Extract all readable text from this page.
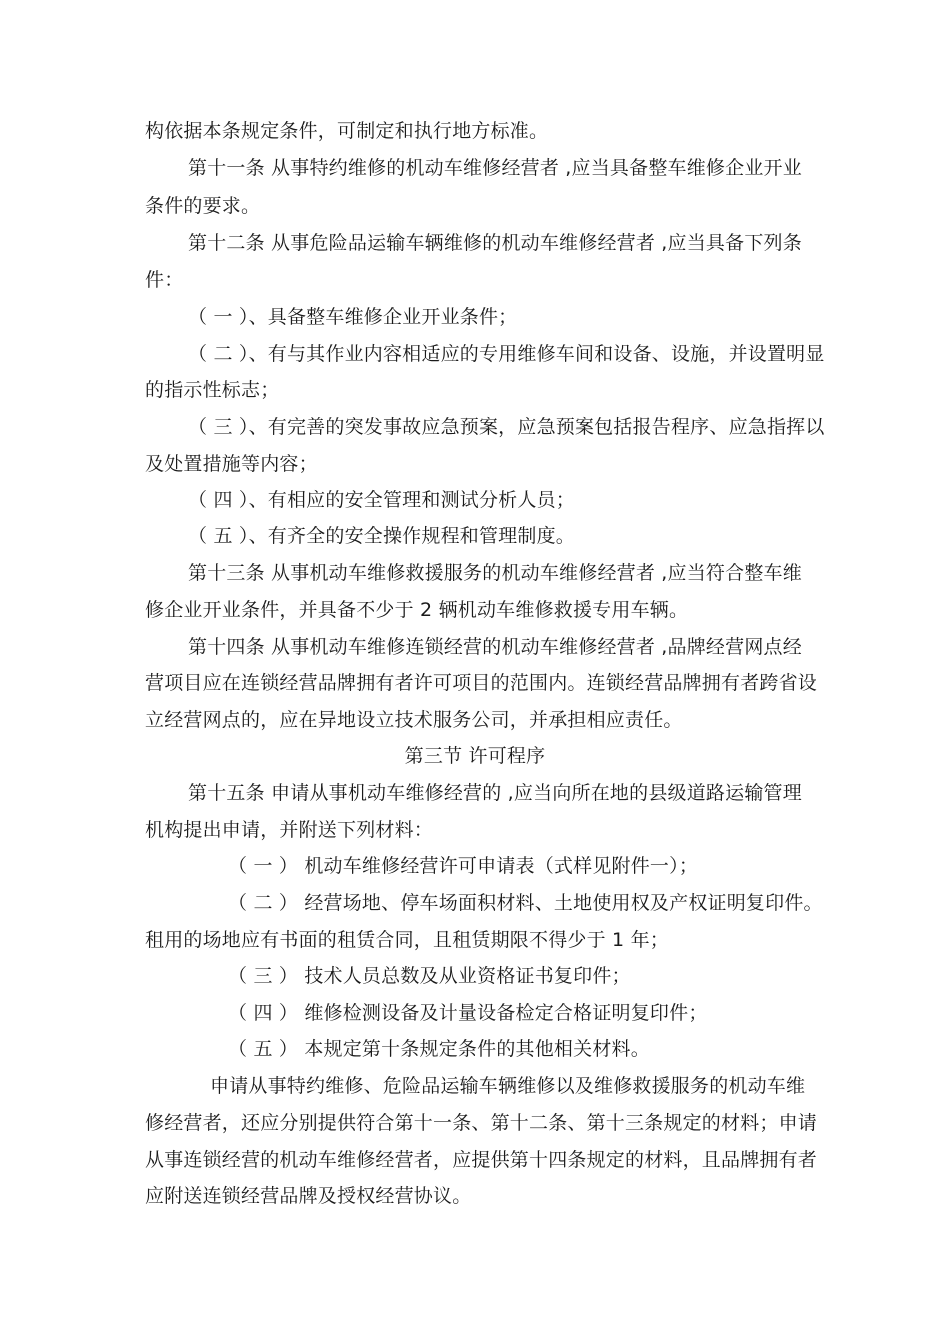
构依据本条规定条件，可制定和执行地方标准。
第十一条 从事特约维修的机动车维修经营者 ,应当具备整车维修企业开业
条件的要求。
第十二条 从事危险品运输车辆维修的机动车维修经营者 ,应当具备下列条
件：
（ 一 ）、具备整车维修企业开业条件；
（ 二 ）、有与其作业内容相适应的专用维修车间和设备、设施，并设置明显
的指示性标志；
（ 三 ）、有完善的突发事故应急预案，应急预案包括报告程序、应急指挥以
及处置措施等内容；
（ 四 ）、有相应的安全管理和测试分析人员；
（ 五 ）、有齐全的安全操作规程和管理制度。
第十三条 从事机动车维修救援服务的机动车维修经营者 ,应当符合整车维
修企业开业条件，并具备不少于 2 辆机动车维修救援专用车辆。
第十四条 从事机动车维修连锁经营的机动车维修经营者 ,品牌经营网点经
营项目应在连锁经营品牌拥有者许可项目的范围内。连锁经营品牌拥有者跨省设
立经营网点的，应在异地设立技术服务公司，并承担相应责任。
第三节 许可程序
第十五条 申请从事机动车维修经营的 ,应当向所在地的县级道路运输管理
机构提出申请，并附送下列材料：
（ 一 ） 机动车维修经营许可申请表（式样见附件一）；
（ 二 ） 经营场地、停车场面积材料、土地使用权及产权证明复印件。
租用的场地应有书面的租赁合同，且租赁期限不得少于 1 年；
（ 三 ） 技术人员总数及从业资格证书复印件；
（ 四 ） 维修检测设备及计量设备检定合格证明复印件；
（ 五 ） 本规定第十条规定条件的其他相关材料。
申请从事特约维修、危险品运输车辆维修以及维修救援服务的机动车维
修经营者，还应分别提供符合第十一条、第十二条、第十三条规定的材料；申请
从事连锁经营的机动车维修经营者，应提供第十四条规定的材料，且品牌拥有者
应附送连锁经营品牌及授权经营协议。
